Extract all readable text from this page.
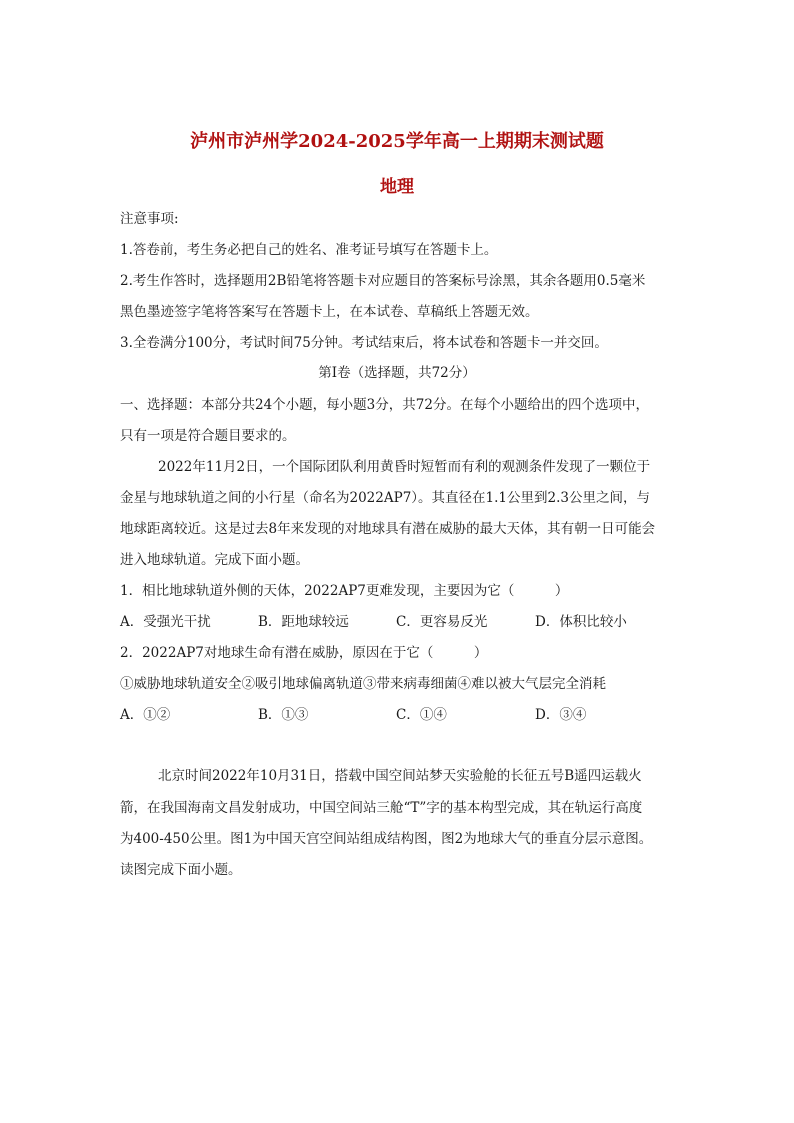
泸州市泸州学2024-2025学年高一上期期末测试题
地理
注意事项:
1.答卷前，考生务必把自己的姓名、准考证号填写在答题卡上。
2.考生作答时，选择题用2B铅笔将答题卡对应题目的答案标号涂黑，其余各题用0.5毫米
黑色墨迹签字笔将答案写在答题卡上，在本试卷、草稿纸上答题无效。
3.全卷满分100分，考试时间75分钟。考试结束后，将本试卷和答题卡一并交回。
第Ⅰ卷（选择题，共72分）
一、选择题：本部分共24个小题，每小题3分，共72分。在每个小题给出的四个选项中，
只有一项是符合题目要求的。
2022年11月2日，一个国际团队利用黄昏时短暂而有利的观测条件发现了一颗位于
金星与地球轨道之间的小行星（命名为2022AP7）。其直径在1.1公里到2.3公里之间，与
地球距离较近。这是过去8年来发现的对地球具有潜在威胁的最大天体，其有朝一日可能会
进入地球轨道。完成下面小题。
1．相比地球轨道外侧的天体，2022AP7更难发现，主要因为它（　　　）
A．受强光干扰	B．距地球较远	C．更容易反光	D．体积比较小
2．2022AP7对地球生命有潜在威胁，原因在于它（　　　）
①威胁地球轨道安全②吸引地球偏离轨道③带来病毒细菌④难以被大气层完全消耗
A．①②	B．①③	C．①④	D．③④
北京时间2022年10月31日，搭载中国空间站梦天实验舱的长征五号B遥四运载火
箭，在我国海南文昌发射成功，中国空间站三舱“T”字的基本构型完成，其在轨运行高度
为400-450公里。图1为中国天宫空间站组成结构图，图2为地球大气的垂直分层示意图。
读图完成下面小题。
